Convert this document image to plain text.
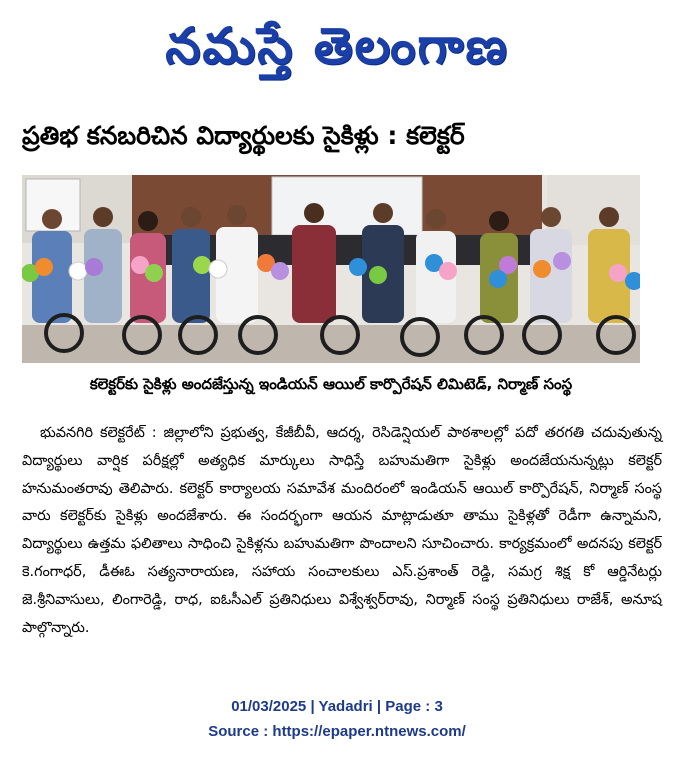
నమస్తే తెలంగాణ
ప్రతిభ కనబరిచిన విద్యార్థులకు సైకిళ్లు : కలెక్టర్
కలెక్టర్‌కు సైకిళ్లు అందజేస్తున్న ఇండియన్ ఆయిల్ కార్పొరేషన్ లిమిటెడ్, నిర్మాణ్ సంస్థ

భువనగిరి కలెక్టరేట్ : జిల్లాలోని ప్రభుత్వ, కేజీబీవీ, ఆదర్శ, రెసిడెన్షియల్ పాఠశాలల్లో పదో తరగతి చదువుతున్న విద్యార్థులు వార్షిక పరీక్షల్లో అత్యధిక మార్కులు సాధిస్తే బహుమతిగా సైకిళ్లు అందజేయనున్నట్లు కలెక్టర్ హనుమంతరావు తెలిపారు. కలెక్టర్ కార్యాలయ సమావేశ మందిరంలో ఇండియన్ ఆయిల్ కార్పొరేషన్, నిర్మాణ్ సంస్థ వారు కలెక్టర్‌కు సైకిళ్లు అందజేశారు. ఈ సందర్భంగా ఆయన మాట్లాడుతూ తాము సైకిళ్లతో రెడీగా ఉన్నామని, విద్యార్థులు ఉత్తమ ఫలితాలు సాధించి సైకిళ్లను బహుమతిగా పొందాలని సూచించారు. కార్యక్రమంలో అదనపు కలెక్టర్ కె.గంగాధర్, డీఈఓ సత్యనారాయణ, సహాయ సంచాలకులు ఎస్.ప్రశాంత్ రెడ్డి, సమగ్ర శిక్ష కో ఆర్డినేటర్లు జె.శ్రీనివాసులు, లింగారెడ్డి, రాధ, ఐఓసీఎల్ ప్రతినిధులు విశ్వేశ్వర్‌రావు, నిర్మాణ్ సంస్థ ప్రతినిధులు రాజేశ్, అనూష పాల్గొన్నారు.

01/03/2025 | Yadadri | Page : 3
Source : https://epaper.ntnews.com/
